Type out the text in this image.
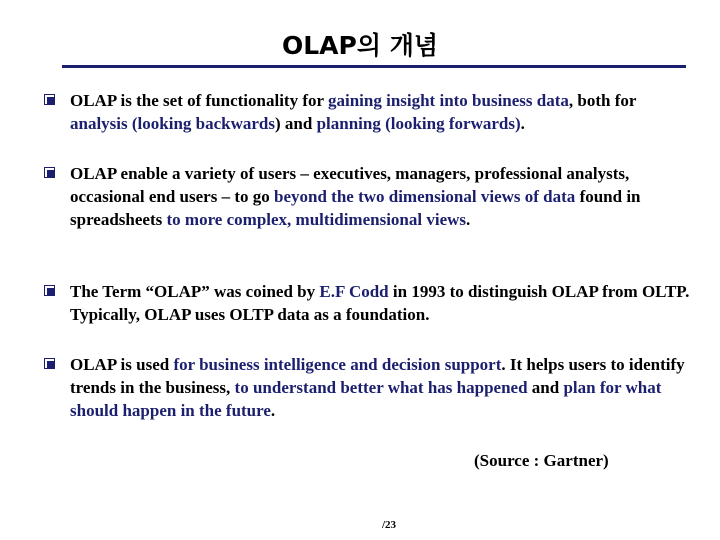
OLAP의 개념
OLAP is the set of functionality for gaining insight into business data, both for analysis (looking backwards) and planning (looking forwards).
OLAP enable a variety of users – executives, managers, professional analysts, occasional end users – to go beyond the two dimensional views of data found in spreadsheets to more complex, multidimensional views.
The Term “OLAP” was coined by E.F Codd in 1993 to distinguish OLAP from OLTP. Typically, OLAP uses OLTP data as a foundation.
OLAP is used for business intelligence and decision support. It helps users to identify trends in the business, to understand better what has happened and plan for what should happen in the future.
(Source : Gartner)
/23
